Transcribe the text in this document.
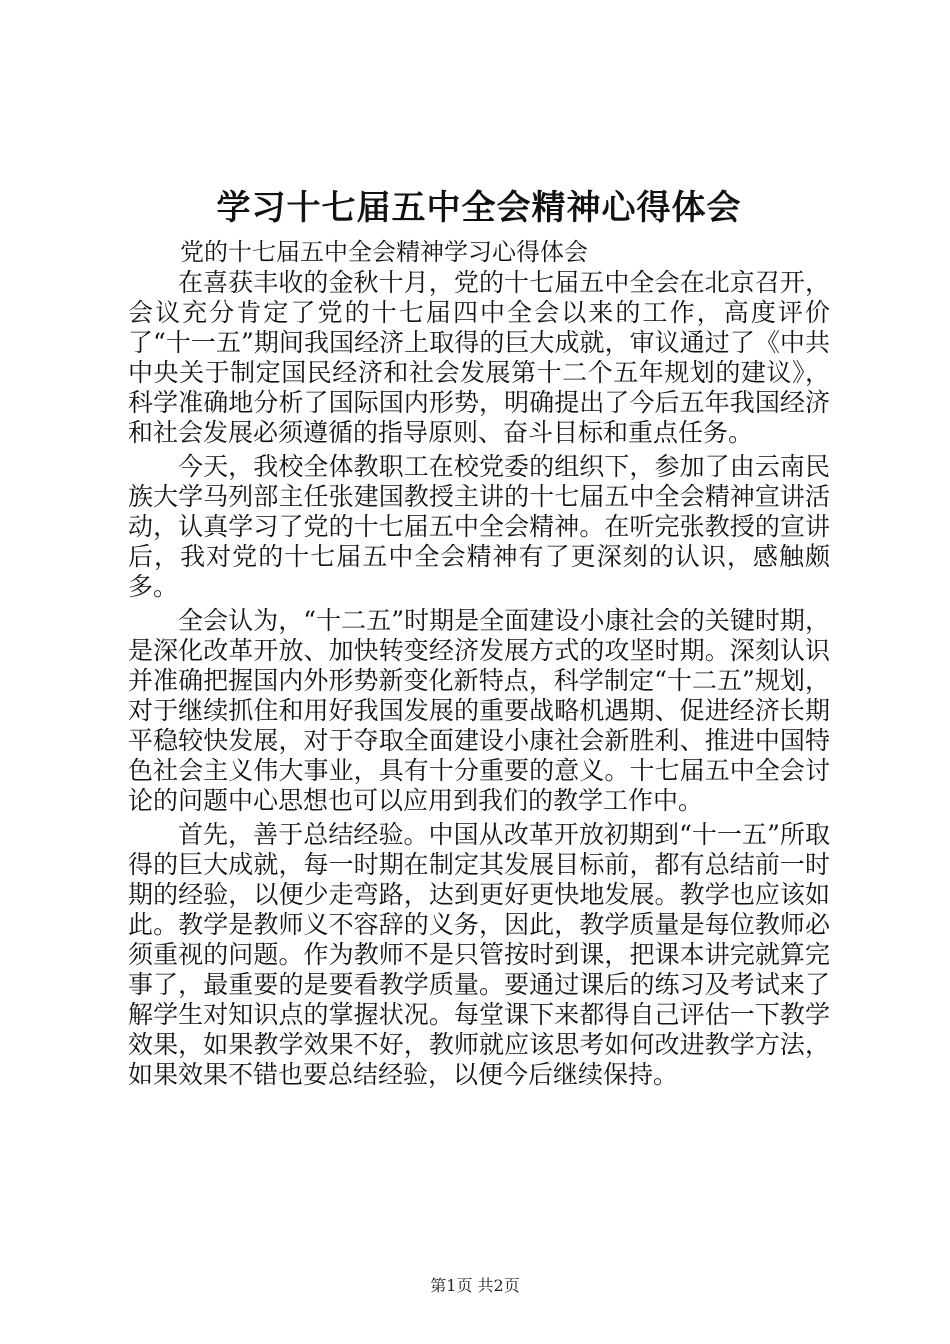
学习十七届五中全会精神心得体会
党的十七届五中全会精神学习心得体会

在喜获丰收的金秋十月，党的十七届五中全会在北京召开，会议充分肯定了党的十七届四中全会以来的工作，高度评价了“十一五”期间我国经济上取得的巨大成就，审议通过了《中共中央关于制定国民经济和社会发展第十二个五年规划的建议》，科学准确地分析了国际国内形势，明确提出了今后五年我国经济和社会发展必须遵循的指导原则、奋斗目标和重点任务。

今天，我校全体教职工在校党委的组织下，参加了由云南民族大学马列部主任张建国教授主讲的十七届五中全会精神宣讲活动，认真学习了党的十七届五中全会精神。在听完张教授的宣讲后，我对党的十七届五中全会精神有了更深刻的认识，感触颇多。

全会认为，“十二五”时期是全面建设小康社会的关键时期，是深化改革开放、加快转变经济发展方式的攻坚时期。深刻认识并准确把握国内外形势新变化新特点，科学制定“十二五”规划，对于继续抓住和用好我国发展的重要战略机遇期、促进经济长期平稳较快发展，对于夺取全面建设小康社会新胜利、推进中国特色社会主义伟大事业，具有十分重要的意义。十七届五中全会讨论的问题中心思想也可以应用到我们的教学工作中。

首先，善于总结经验。中国从改革开放初期到“十一五”所取得的巨大成就，每一时期在制定其发展目标前，都有总结前一时期的经验，以便少走弯路，达到更好更快地发展。教学也应该如此。教学是教师义不容辞的义务，因此，教学质量是每位教师必须重视的问题。作为教师不是只管按时到课，把课本讲完就算完事了，最重要的是要看教学质量。要通过课后的练习及考试来了解学生对知识点的掌握状况。每堂课下来都得自己评估一下教学效果，如果教学效果不好，教师就应该思考如何改进教学方法，如果效果不错也要总结经验，以便今后继续保持。

第1页 共2页
